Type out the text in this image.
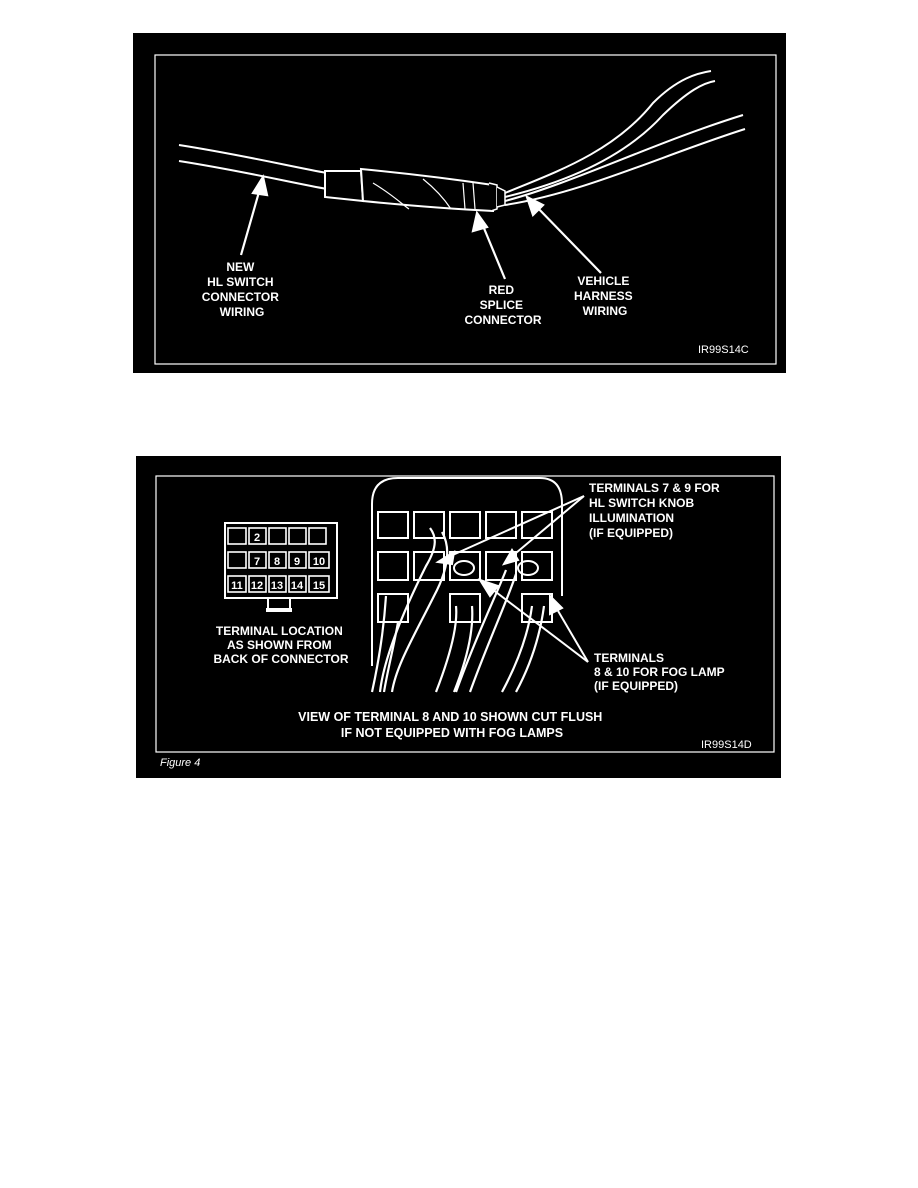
NEW HL SWITCH CONNECTOR WIRING
RED SPLICE CONNECTOR
VEHICLE HARNESS WIRING
IR99S14C
2
7 8 9 10
11 12 13 14 15
TERMINAL LOCATION AS SHOWN FROM BACK OF CONNECTOR
TERMINALS 7 & 9 FOR HL SWITCH KNOB ILLUMINATION (IF EQUIPPED)
TERMINALS 8 & 10 FOR FOG LAMP (IF EQUIPPED)
VIEW OF TERMINAL 8 AND 10 SHOWN CUT FLUSH IF NOT EQUIPPED WITH FOG LAMPS
IR99S14D
Figure 4
